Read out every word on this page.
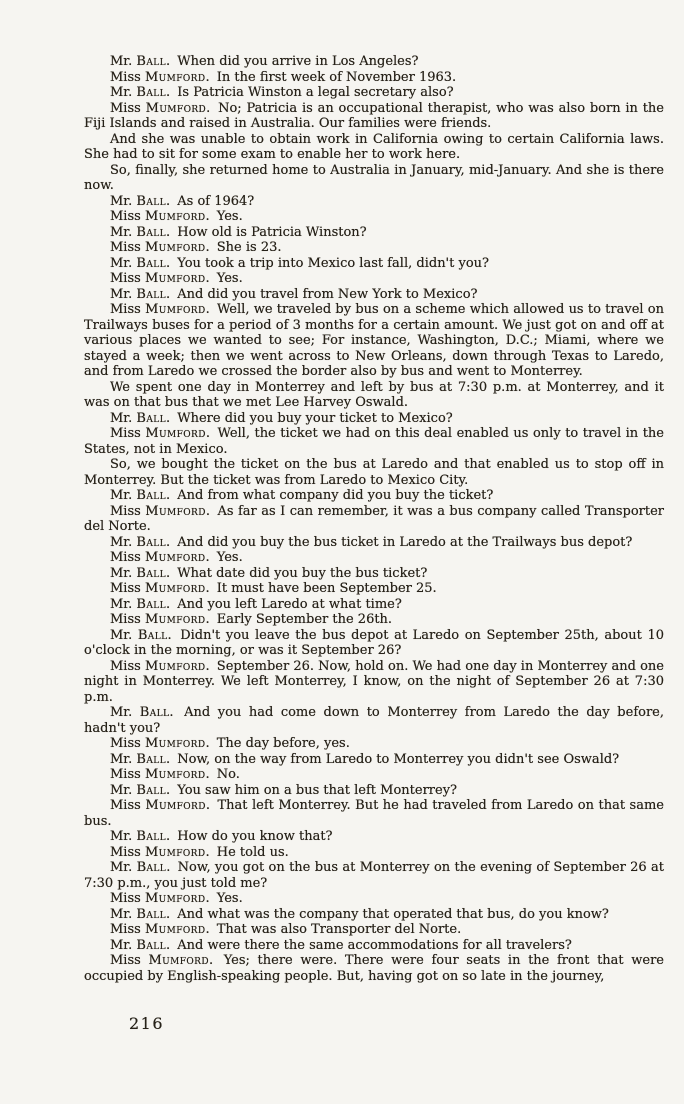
Mr. Ball. When did you arrive in Los Angeles?

Miss Mumford. In the first week of November 1963.

Mr. Ball. Is Patricia Winston a legal secretary also?

Miss Mumford. No; Patricia is an occupational therapist, who was also born in the Fiji Islands and raised in Australia. Our families were friends.

And she was unable to obtain work in California owing to certain California laws. She had to sit for some exam to enable her to work here.

So, finally, she returned home to Australia in January, mid-January. And she is there now.

Mr. Ball. As of 1964?

Miss Mumford. Yes.

Mr. Ball. How old is Patricia Winston?

Miss Mumford. She is 23.

Mr. Ball. You took a trip into Mexico last fall, didn't you?

Miss Mumford. Yes.

Mr. Ball. And did you travel from New York to Mexico?

Miss Mumford. Well, we traveled by bus on a scheme which allowed us to travel on Trailways buses for a period of 3 months for a certain amount. We just got on and off at various places we wanted to see; For instance, Washington, D.C.; Miami, where we stayed a week; then we went across to New Orleans, down through Texas to Laredo, and from Laredo we crossed the border also by bus and went to Monterrey.

We spent one day in Monterrey and left by bus at 7:30 p.m. at Monterrey, and it was on that bus that we met Lee Harvey Oswald.

Mr. Ball. Where did you buy your ticket to Mexico?

Miss Mumford. Well, the ticket we had on this deal enabled us only to travel in the States, not in Mexico.

So, we bought the ticket on the bus at Laredo and that enabled us to stop off in Monterrey. But the ticket was from Laredo to Mexico City.

Mr. Ball. And from what company did you buy the ticket?

Miss Mumford. As far as I can remember, it was a bus company called Transporter del Norte.

Mr. Ball. And did you buy the bus ticket in Laredo at the Trailways bus depot?

Miss Mumford. Yes.

Mr. Ball. What date did you buy the bus ticket?

Miss Mumford. It must have been September 25.

Mr. Ball. And you left Laredo at what time?

Miss Mumford. Early September the 26th.

Mr. Ball. Didn't you leave the bus depot at Laredo on September 25th, about 10 o'clock in the morning, or was it September 26?

Miss Mumford. September 26. Now, hold on. We had one day in Monterrey and one night in Monterrey. We left Monterrey, I know, on the night of September 26 at 7:30 p.m.

Mr. Ball. And you had come down to Monterrey from Laredo the day before, hadn't you?

Miss Mumford. The day before, yes.

Mr. Ball. Now, on the way from Laredo to Monterrey you didn't see Oswald?

Miss Mumford. No.

Mr. Ball. You saw him on a bus that left Monterrey?

Miss Mumford. That left Monterrey. But he had traveled from Laredo on that same bus.

Mr. Ball. How do you know that?

Miss Mumford. He told us.

Mr. Ball. Now, you got on the bus at Monterrey on the evening of September 26 at 7:30 p.m., you just told me?

Miss Mumford. Yes.

Mr. Ball. And what was the company that operated that bus, do you know?

Miss Mumford. That was also Transporter del Norte.

Mr. Ball. And were there the same accommodations for all travelers?

Miss Mumford. Yes; there were. There were four seats in the front that were occupied by English-speaking people. But, having got on so late in the journey,

216
